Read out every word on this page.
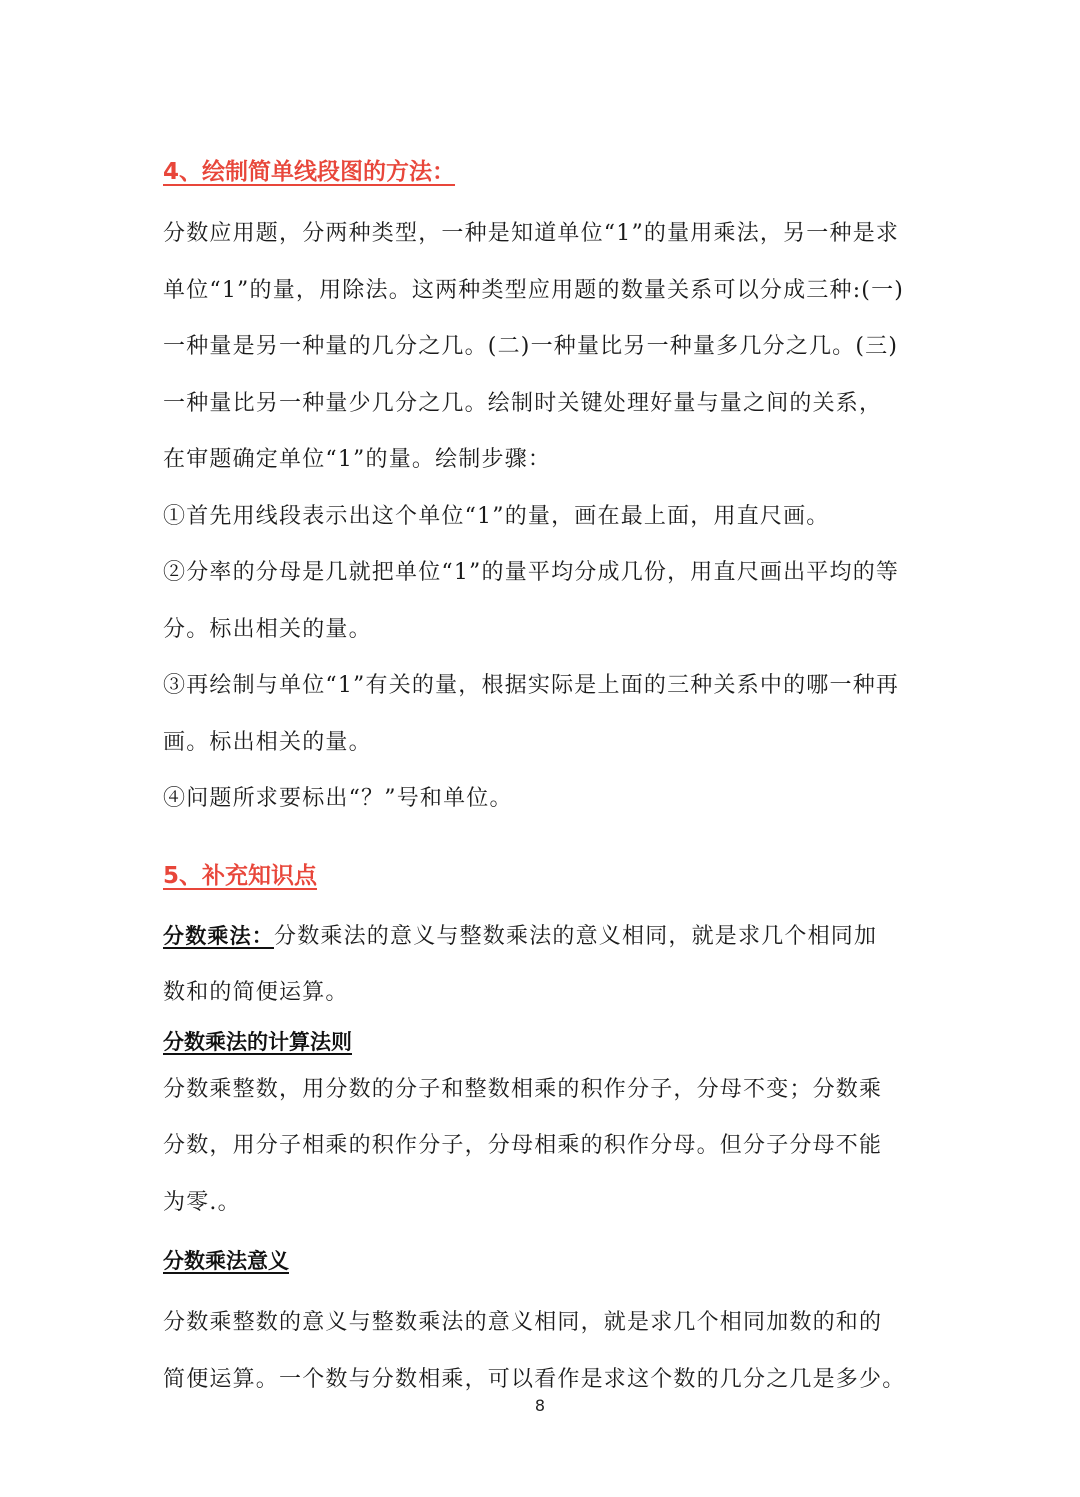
4、绘制简单线段图的方法：

分数应用题，分两种类型，一种是知道单位“1”的量用乘法，另一种是求

单位“1”的量，用除法。这两种类型应用题的数量关系可以分成三种:(一)

一种量是另一种量的几分之几。(二)一种量比另一种量多几分之几。(三)

一种量比另一种量少几分之几。绘制时关键处理好量与量之间的关系，

在审题确定单位“1”的量。绘制步骤：

①首先用线段表示出这个单位“1”的量，画在最上面，用直尺画。

②分率的分母是几就把单位“1”的量平均分成几份，用直尺画出平均的等

分。标出相关的量。

③再绘制与单位“1”有关的量，根据实际是上面的三种关系中的哪一种再

画。标出相关的量。

④问题所求要标出“？”号和单位。

5、补充知识点

分数乘法：分数乘法的意义与整数乘法的意义相同，就是求几个相同加

数和的简便运算。

分数乘法的计算法则

分数乘整数，用分数的分子和整数相乘的积作分子，分母不变；分数乘

分数，用分子相乘的积作分子，分母相乘的积作分母。但分子分母不能

为零.。

分数乘法意义

分数乘整数的意义与整数乘法的意义相同，就是求几个相同加数的和的

简便运算。一个数与分数相乘，可以看作是求这个数的几分之几是多少。

8
